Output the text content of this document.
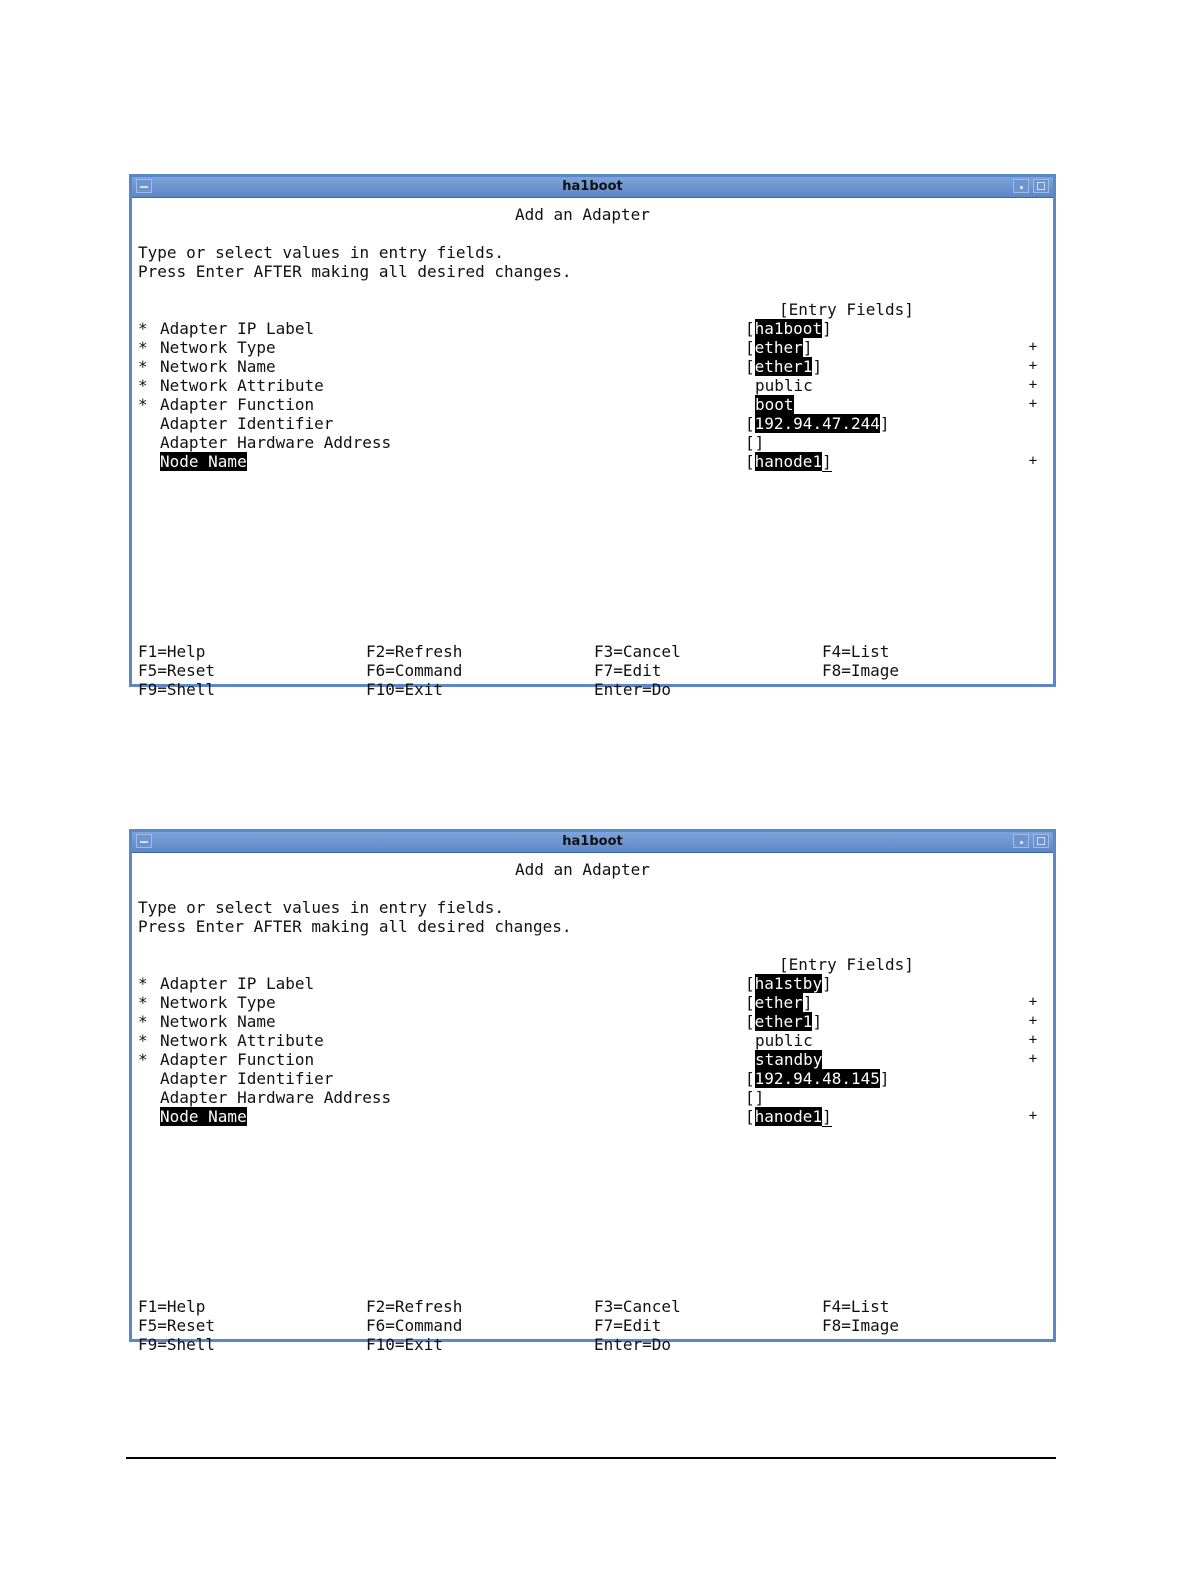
ha1boot
Add an Adapter
Type or select values in entry fields.
Press Enter AFTER making all desired changes.
[Entry Fields]
* Adapter IP Label	[ha1boot]
* Network Type	[ether]	+
* Network Name	[ether1]	+
* Network Attribute	public	+
* Adapter Function	boot	+
Adapter Identifier	[192.94.47.244]
Adapter Hardware Address	[]
Node Name	[hanode1]	+
F1=Help	F2=Refresh	F3=Cancel	F4=List
F5=Reset	F6=Command	F7=Edit	F8=Image
F9=Shell	F10=Exit	Enter=Do
ha1boot
Add an Adapter
Type or select values in entry fields.
Press Enter AFTER making all desired changes.
[Entry Fields]
* Adapter IP Label	[ha1stby]
* Network Type	[ether]	+
* Network Name	[ether1]	+
* Network Attribute	public	+
* Adapter Function	standby	+
Adapter Identifier	[192.94.48.145]
Adapter Hardware Address	[]
Node Name	[hanode1]	+
F1=Help	F2=Refresh	F3=Cancel	F4=List
F5=Reset	F6=Command	F7=Edit	F8=Image
F9=Shell	F10=Exit	Enter=Do
